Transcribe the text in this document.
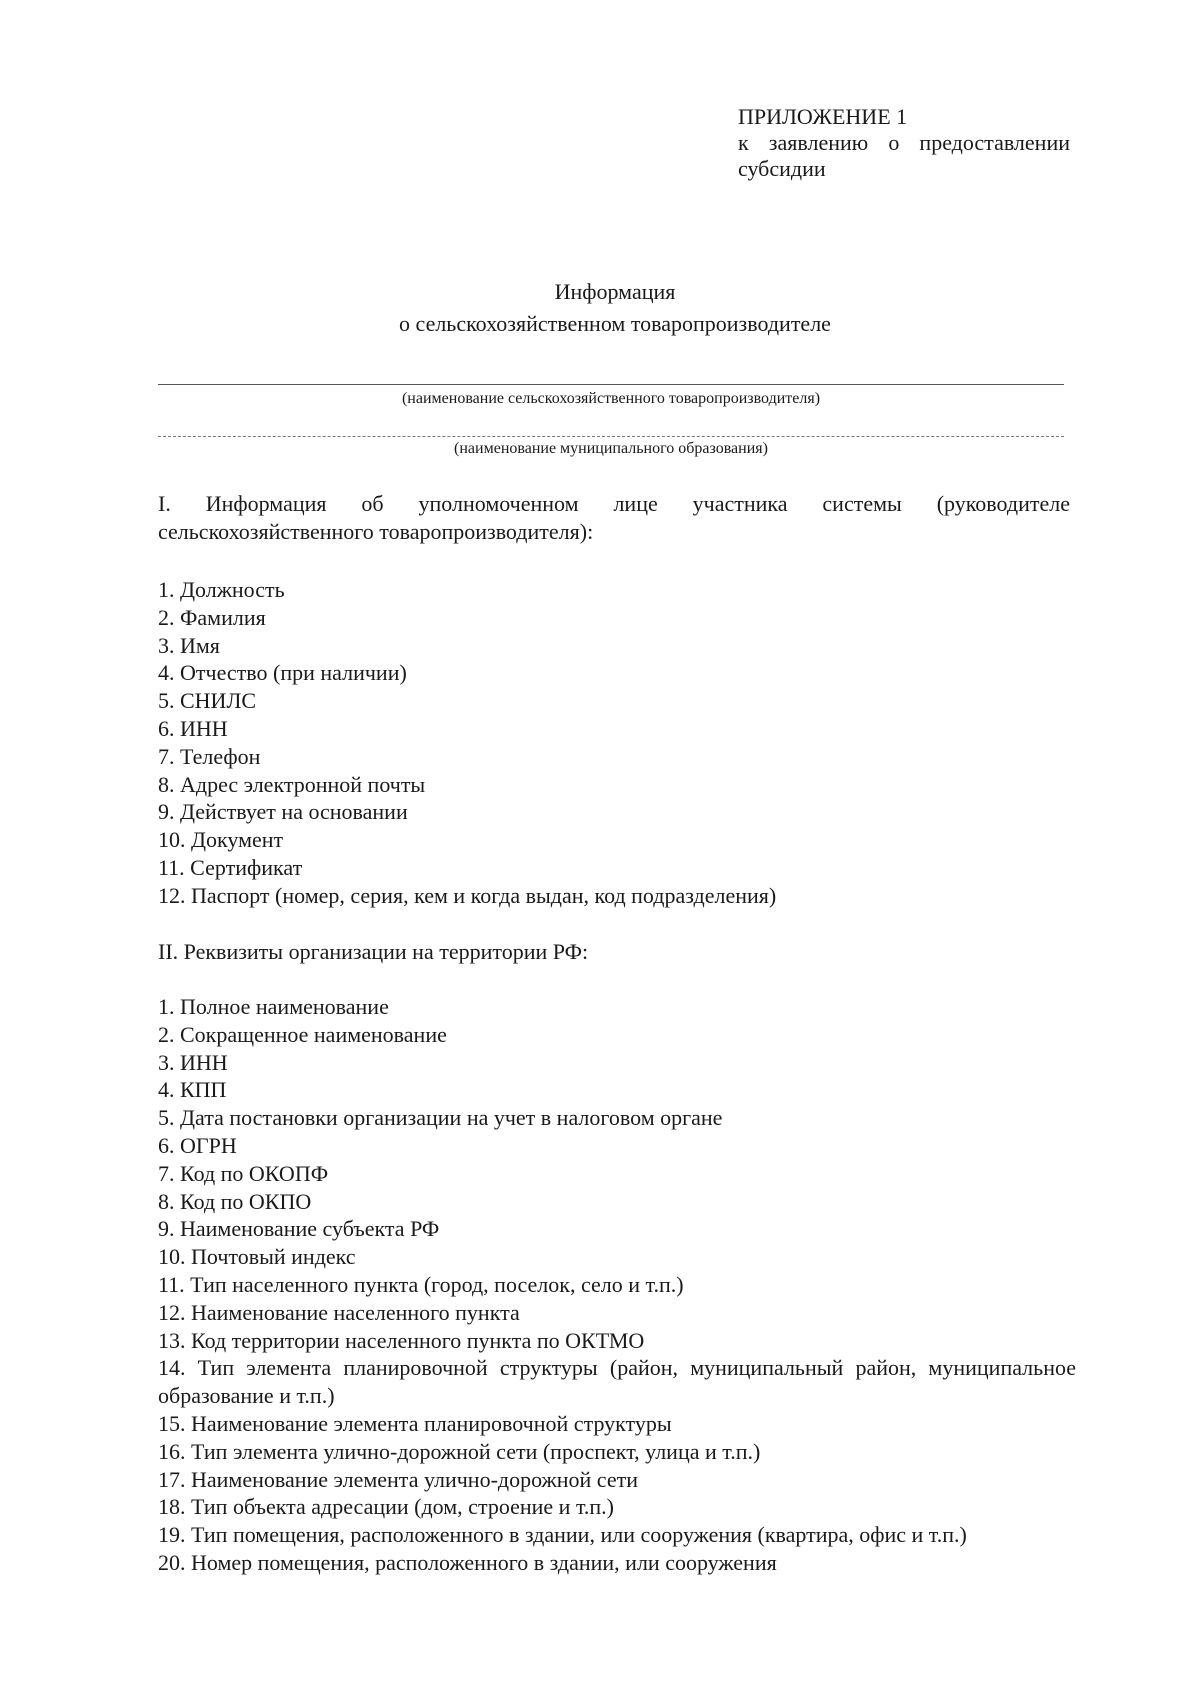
ПРИЛОЖЕНИЕ 1
к заявлению о предоставлении
субсидии
Информация
о сельскохозяйственном товаропроизводителе
(наименование сельскохозяйственного товаропроизводителя)
(наименование муниципального образования)
I. Информация об уполномоченном лице участника системы (руководителе сельскохозяйственного товаропроизводителя):
1. Должность
2. Фамилия
3. Имя
4. Отчество (при наличии)
5. СНИЛС
6. ИНН
7. Телефон
8. Адрес электронной почты
9. Действует на основании
10. Документ
11. Сертификат
12. Паспорт (номер, серия, кем и когда выдан, код подразделения)
II. Реквизиты организации на территории РФ:
1. Полное наименование
2. Сокращенное наименование
3. ИНН
4. КПП
5. Дата постановки организации на учет в налоговом органе
6. ОГРН
7. Код по ОКОПФ
8. Код по ОКПО
9. Наименование субъекта РФ
10. Почтовый индекс
11. Тип населенного пункта (город, поселок, село и т.п.)
12. Наименование населенного пункта
13. Код территории населенного пункта по ОКТМО
14. Тип элемента планировочной структуры (район, муниципальный район, муниципальное образование и т.п.)
15. Наименование элемента планировочной структуры
16. Тип элемента улично-дорожной сети (проспект, улица и т.п.)
17. Наименование элемента улично-дорожной сети
18. Тип объекта адресации (дом, строение и т.п.)
19. Тип помещения, расположенного в здании, или сооружения (квартира, офис и т.п.)
20. Номер помещения, расположенного в здании, или сооружения
